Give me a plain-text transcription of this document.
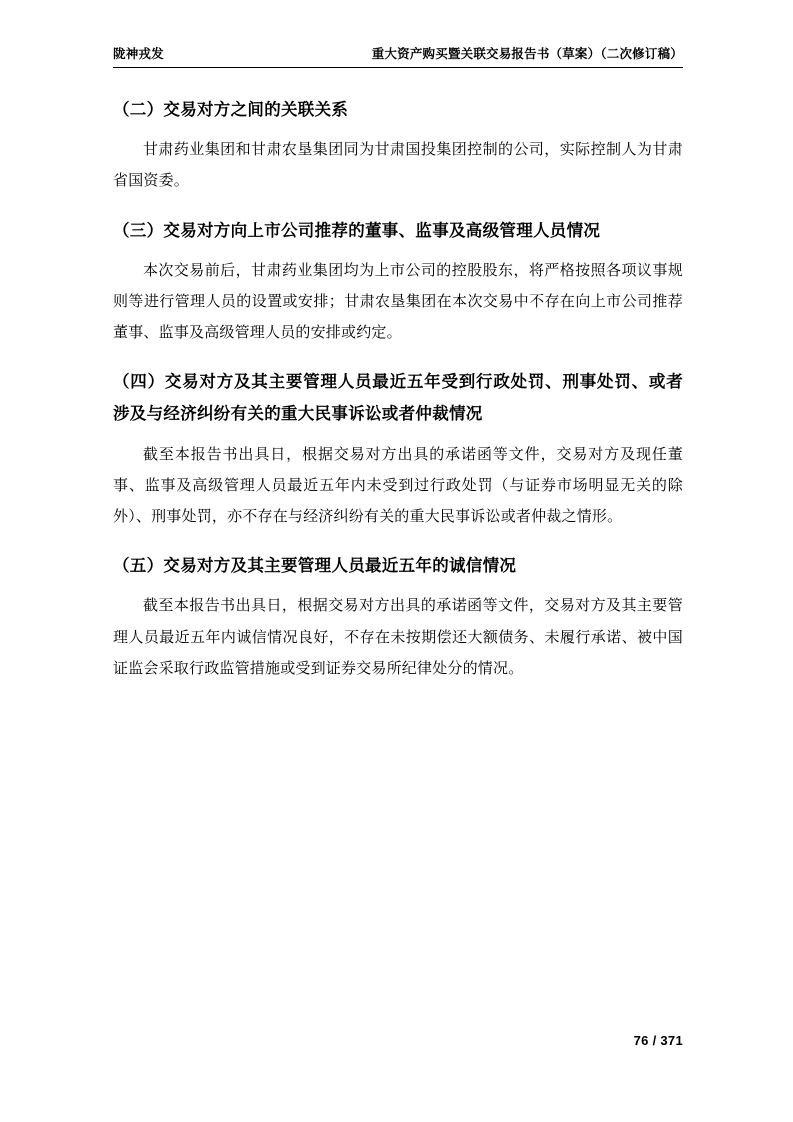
陇神戎发	重大资产购买暨关联交易报告书（草案）（二次修订稿）
（二）交易对方之间的关联关系

甘肃药业集团和甘肃农垦集团同为甘肃国投集团控制的公司，实际控制人为甘肃省国资委。

（三）交易对方向上市公司推荐的董事、监事及高级管理人员情况

本次交易前后，甘肃药业集团均为上市公司的控股股东，将严格按照各项议事规则等进行管理人员的设置或安排；甘肃农垦集团在本次交易中不存在向上市公司推荐董事、监事及高级管理人员的安排或约定。

（四）交易对方及其主要管理人员最近五年受到行政处罚、刑事处罚、或者涉及与经济纠纷有关的重大民事诉讼或者仲裁情况

截至本报告书出具日，根据交易对方出具的承诺函等文件，交易对方及现任董事、监事及高级管理人员最近五年内未受到过行政处罚（与证券市场明显无关的除外）、刑事处罚，亦不存在与经济纠纷有关的重大民事诉讼或者仲裁之情形。

（五）交易对方及其主要管理人员最近五年的诚信情况

截至本报告书出具日，根据交易对方出具的承诺函等文件，交易对方及其主要管理人员最近五年内诚信情况良好，不存在未按期偿还大额债务、未履行承诺、被中国证监会采取行政监管措施或受到证券交易所纪律处分的情况。

76 / 371
